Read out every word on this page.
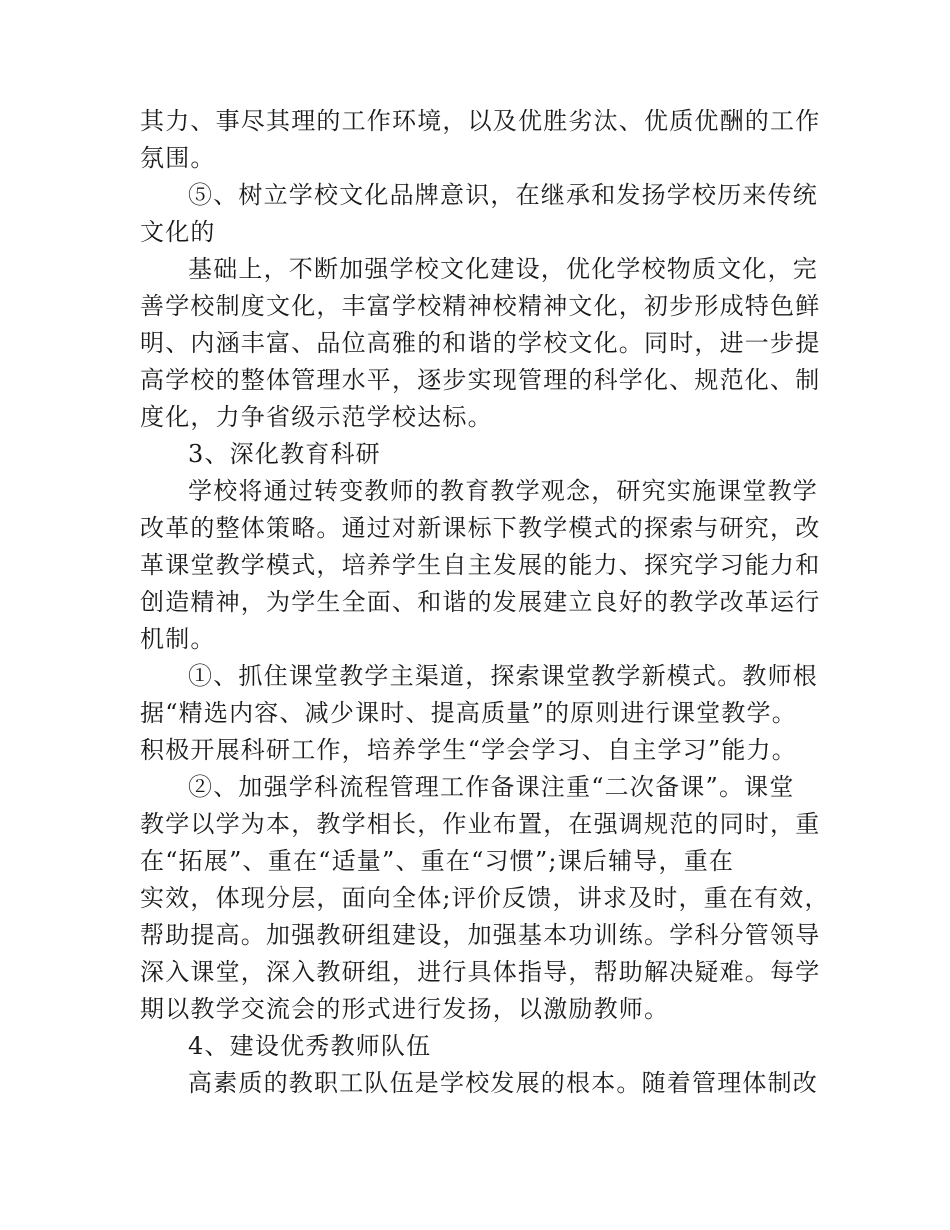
其力、事尽其理的工作环境，以及优胜劣汰、优质优酬的工作
氛围。
⑤、树立学校文化品牌意识，在继承和发扬学校历来传统
文化的
基础上，不断加强学校文化建设，优化学校物质文化，完
善学校制度文化，丰富学校精神校精神文化，初步形成特色鲜
明、内涵丰富、品位高雅的和谐的学校文化。同时，进一步提
高学校的整体管理水平，逐步实现管理的科学化、规范化、制
度化，力争省级示范学校达标。
3、深化教育科研
学校将通过转变教师的教育教学观念，研究实施课堂教学
改革的整体策略。通过对新课标下教学模式的探索与研究，改
革课堂教学模式，培养学生自主发展的能力、探究学习能力和
创造精神，为学生全面、和谐的发展建立良好的教学改革运行
机制。
①、抓住课堂教学主渠道，探索课堂教学新模式。教师根
据“精选内容、减少课时、提高质量”的原则进行课堂教学。
积极开展科研工作，培养学生“学会学习、自主学习”能力。
②、加强学科流程管理工作备课注重“二次备课”。课堂
教学以学为本，教学相长，作业布置，在强调规范的同时，重
在“拓展”、重在“适量”、重在“习惯”;课后辅导，重在
实效，体现分层，面向全体;评价反馈，讲求及时，重在有效，
帮助提高。加强教研组建设，加强基本功训练。学科分管领导
深入课堂，深入教研组，进行具体指导，帮助解决疑难。每学
期以教学交流会的形式进行发扬，以激励教师。
4、建设优秀教师队伍
高素质的教职工队伍是学校发展的根本。随着管理体制改
